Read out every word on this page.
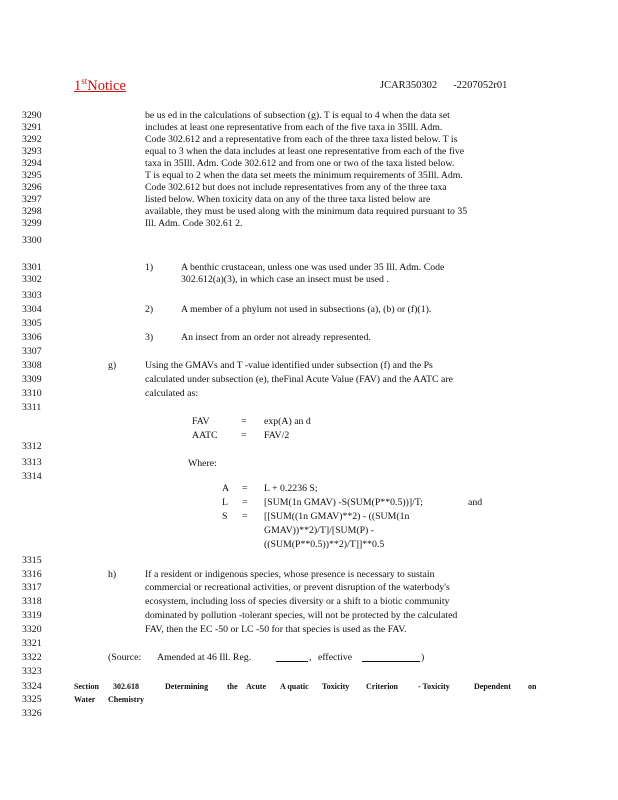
1stNotice	JCAR350302 -2207052r01
3290
3291
3292
3293
3294
3295
3296
3297
3298
3299
3300
3301
3302
3303
3304
3305
3306
3307
3308
3309
3310
3311
3312
3313
3314
3315
3316
3317
3318
3319
3320
3321
3322
3323
3324
3325
3326
be us ed in the calculations of subsection (g). T is equal to 4 when the data set
includes at least one representative from each of the five taxa in 35Ill. Adm.
Code 302.612 and a representative from each of the three taxa listed below. T is
equal to 3 when the data includes at least one representative from each of the five
taxa in 35Ill. Adm. Code 302.612 and from one or two of the taxa listed below.
T is equal to 2 when the data set meets the minimum requirements of 35Ill. Adm.
Code 302.612 but does not include representatives from any of the three taxa
listed below. When toxicity data on any of the three taxa listed below are
available, they must be used along with the minimum data required pursuant to 35
Ill. Adm. Code 302.61 2.
1)	A benthic crustacean, unless one was used under 35 Ill. Adm. Code
302.612(a)(3), in which case an insect must be used .
2)	A member of a phylum not used in subsections (a), (b) or (f)(1).
3)	An insect from an order not already represented.
g)	Using the GMAVs and T -value identified under subsection (f) and the Ps
calculated under subsection (e), theFinal Acute Value (FAV) and the AATC are
calculated as:
FAV	= exp(A) an d
AATC = FAV/2
Where:
A = L + 0.2236 S;
L = [SUM(1n GMAV) -S(SUM(P**0.5))]/T;	and
S = [[SUM((1n GMAV)**2) - ((SUM(1n
GMAV))**2)/T]/[SUM(P) -
((SUM(P**0.5))**2)/T]]**0.5
h)	If a resident or indigenous species, whose presence is necessary to sustain
commercial or recreational activities, or prevent disruption of the waterbody's
ecosystem, including loss of species diversity or a shift to a biotic community
dominated by pollution -tolerant species, will not be protected by the calculated
FAV, then the EC -50 or LC -50 for that species is used as the FAV.
(Source: Amended at 46 Ill. Reg.	, effective	)
Section 302.618	Determining the Acute A quatic Toxicity Criterion	- Toxicity	Dependent on
Water Chemistry
